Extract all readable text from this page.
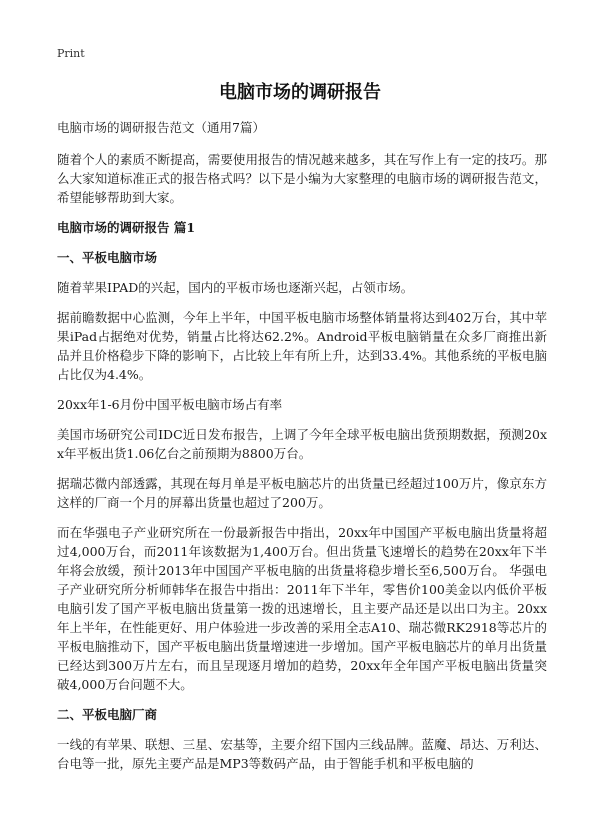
Print
电脑市场的调研报告

电脑市场的调研报告范文（通用7篇）

随着个人的素质不断提高，需要使用报告的情况越来越多，其在写作上有一定的技巧。那么大家知道标准正式的报告格式吗？以下是小编为大家整理的电脑市场的调研报告范文，希望能够帮助到大家。

电脑市场的调研报告 篇1

一、平板电脑市场

随着苹果IPAD的兴起，国内的平板市场也逐渐兴起，占领市场。

据前瞻数据中心监测，今年上半年，中国平板电脑市场整体销量将达到402万台，其中苹果iPad占据绝对优势，销量占比将达62.2%。Android平板电脑销量在众多厂商推出新品并且价格稳步下降的影响下，占比较上年有所上升，达到33.4%。其他系统的平板电脑占比仅为4.4%。

20xx年1-6月份中国平板电脑市场占有率

美国市场研究公司IDC近日发布报告，上调了今年全球平板电脑出货预期数据，预测20xx年平板出货1.06亿台之前预期为8800万台。

据瑞芯微内部透露，其现在每月单是平板电脑芯片的出货量已经超过100万片，像京东方这样的厂商一个月的屏幕出货量也超过了200万。

而在华强电子产业研究所在一份最新报告中指出，20xx年中国国产平板电脑出货量将超过4,000万台，而2011年该数据为1,400万台。但出货量飞速增长的趋势在20xx年下半年将会放缓，预计2013年中国国产平板电脑的出货量将稳步增长至6,500万台。 华强电子产业研究所分析师韩华在报告中指出：2011年下半年，零售价100美金以内低价平板电脑引发了国产平板电脑出货量第一拨的迅速增长，且主要产品还是以出口为主。20xx年上半年，在性能更好、用户体验进一步改善的采用全志A10、瑞芯微RK2918等芯片的平板电脑推动下，国产平板电脑出货量增速进一步增加。国产平板电脑芯片的单月出货量已经达到300万片左右，而且呈现逐月增加的趋势，20xx年全年国产平板电脑出货量突破4,000万台问题不大。

二、平板电脑厂商

一线的有苹果、联想、三星、宏基等，主要介绍下国内三线品牌。蓝魔、昂达、万利达、台电等一批，原先主要产品是MP3等数码产品，由于智能手机和平板电脑的
